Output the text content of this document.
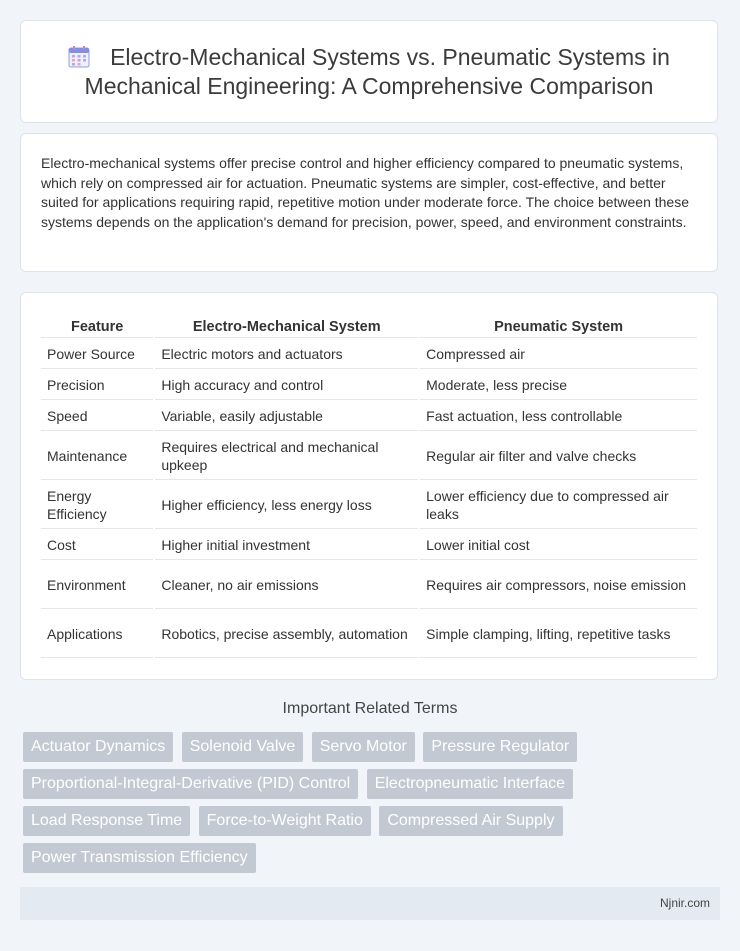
Electro-Mechanical Systems vs. Pneumatic Systems in Mechanical Engineering: A Comprehensive Comparison

Electro-mechanical systems offer precise control and higher efficiency compared to pneumatic systems, which rely on compressed air for actuation. Pneumatic systems are simpler, cost-effective, and better suited for applications requiring rapid, repetitive motion under moderate force. The choice between these systems depends on the application's demand for precision, power, speed, and environment constraints.

Feature	Electro-Mechanical System	Pneumatic System
Power Source	Electric motors and actuators	Compressed air
Precision	High accuracy and control	Moderate, less precise
Speed	Variable, easily adjustable	Fast actuation, less controllable
Maintenance	Requires electrical and mechanical upkeep	Regular air filter and valve checks
Energy Efficiency	Higher efficiency, less energy loss	Lower efficiency due to compressed air leaks
Cost	Higher initial investment	Lower initial cost
Environment	Cleaner, no air emissions	Requires air compressors, noise emission
Applications	Robotics, precise assembly, automation	Simple clamping, lifting, repetitive tasks
Important Related Terms
Actuator Dynamics Solenoid Valve Servo Motor Pressure Regulator Proportional-Integral-Derivative (PID) Control Electropneumatic Interface Load Response Time Force-to-Weight Ratio Compressed Air Supply Power Transmission Efficiency
Njnir.com
